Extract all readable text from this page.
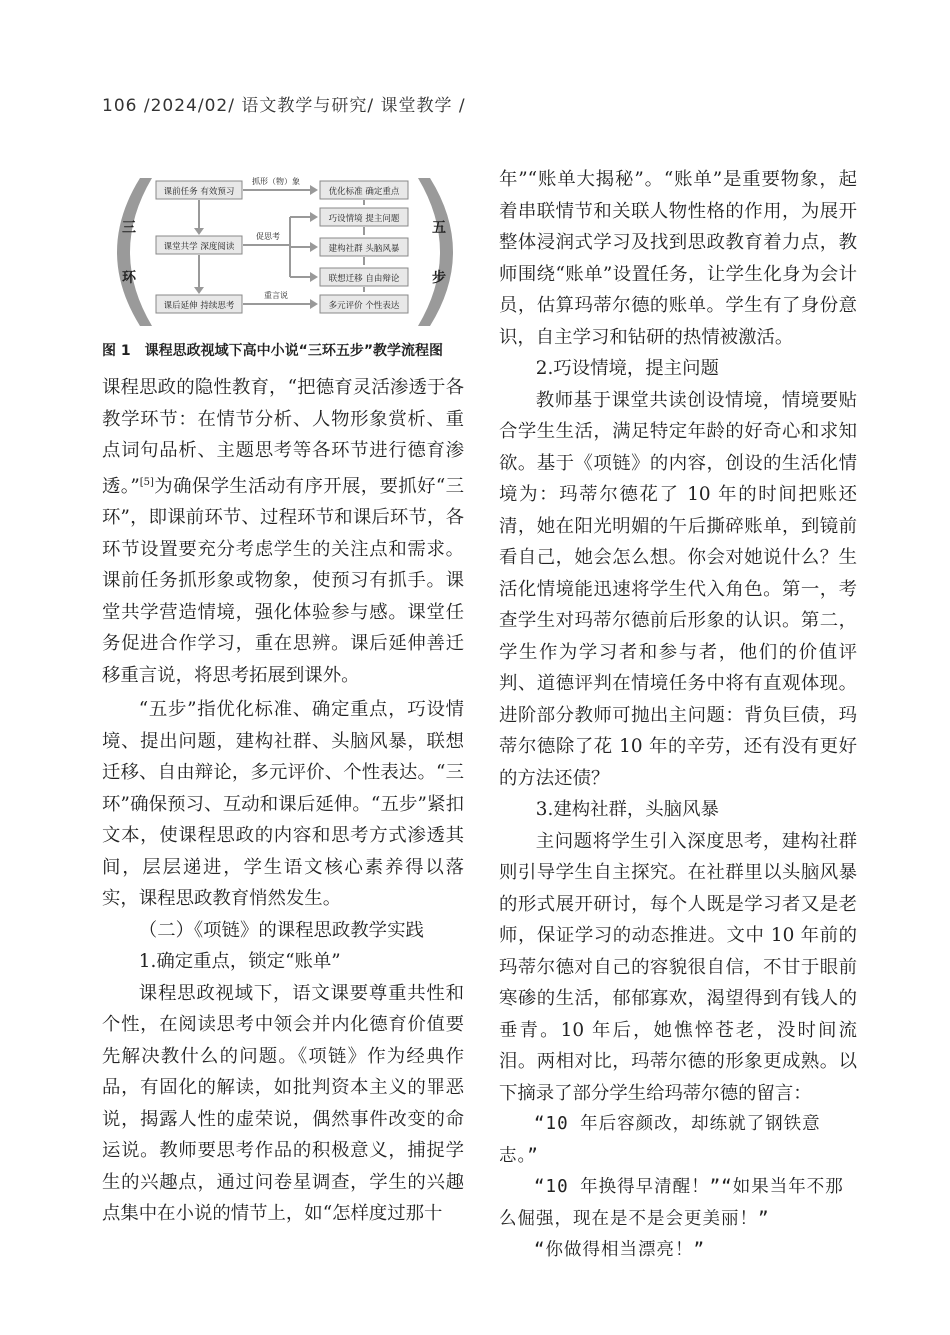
106 /2024/02/ 语文教学与研究/ 课堂教学 /
三
环
五
步
课前任务 有效预习
课堂共学 深度阅读
课后延伸 持续思考
抓形（物）象
促思考
重言说
优化标准 确定重点
巧设情境 提主问题
建构社群 头脑风暴
联想迁移 自由辩论
多元评价 个性表达
图 1　课程思政视域下高中小说“三环五步”教学流程图

课程思政的隐性教育，“把德育灵活渗透于各教学环节：在情节分析、人物形象赏析、重点词句品析、主题思考等各环节进行德育渗透。”[5]为确保学生活动有序开展，要抓好“三环”，即课前环节、过程环节和课后环节，各环节设置要充分考虑学生的关注点和需求。课前任务抓形象或物象，使预习有抓手。课堂共学营造情境，强化体验参与感。课堂任务促进合作学习，重在思辨。课后延伸善迁移重言说，将思考拓展到课外。

“五步”指优化标准、确定重点，巧设情境、提出问题，建构社群、头脑风暴，联想迁移、自由辩论，多元评价、个性表达。“三环”确保预习、互动和课后延伸。“五步”紧扣文本，使课程思政的内容和思考方式渗透其间，层层递进，学生语文核心素养得以落实，课程思政教育悄然发生。

（二）《项链》的课程思政教学实践

1.确定重点，锁定“账单”

课程思政视域下，语文课要尊重共性和个性，在阅读思考中领会并内化德育价值要先解决教什么的问题。《项链》作为经典作品，有固化的解读，如批判资本主义的罪恶说，揭露人性的虚荣说，偶然事件改变的命运说。教师要思考作品的积极意义，捕捉学生的兴趣点，通过问卷星调查，学生的兴趣点集中在小说的情节上，如“怎样度过那十

年”“账单大揭秘”。“账单”是重要物象，起着串联情节和关联人物性格的作用，为展开整体浸润式学习及找到思政教育着力点，教师围绕“账单”设置任务，让学生化身为会计员，估算玛蒂尔德的账单。学生有了身份意识，自主学习和钻研的热情被激活。

2.巧设情境，提主问题

教师基于课堂共读创设情境，情境要贴合学生生活，满足特定年龄的好奇心和求知欲。基于《项链》的内容，创设的生活化情境为：玛蒂尔德花了 10 年的时间把账还清，她在阳光明媚的午后撕碎账单，到镜前看自己，她会怎么想。你会对她说什么？生活化情境能迅速将学生代入角色。第一，考查学生对玛蒂尔德前后形象的认识。第二，学生作为学习者和参与者，他们的价值评判、道德评判在情境任务中将有直观体现。进阶部分教师可抛出主问题：背负巨债，玛蒂尔德除了花 10 年的辛劳，还有没有更好的方法还债？

3.建构社群，头脑风暴

主问题将学生引入深度思考，建构社群则引导学生自主探究。在社群里以头脑风暴的形式展开研讨，每个人既是学习者又是老师，保证学习的动态推进。文中 10 年前的玛蒂尔德对自己的容貌很自信，不甘于眼前寒碜的生活，郁郁寡欢，渴望得到有钱人的垂青。10 年后，她憔悴苍老，没时间流泪。两相对比，玛蒂尔德的形象更成熟。以下摘录了部分学生给玛蒂尔德的留言：

“10 年后容颜改，却练就了钢铁意志。”

“10 年换得早清醒！”“如果当年不那么倔强，现在是不是会更美丽！”

“你做得相当漂亮！”
